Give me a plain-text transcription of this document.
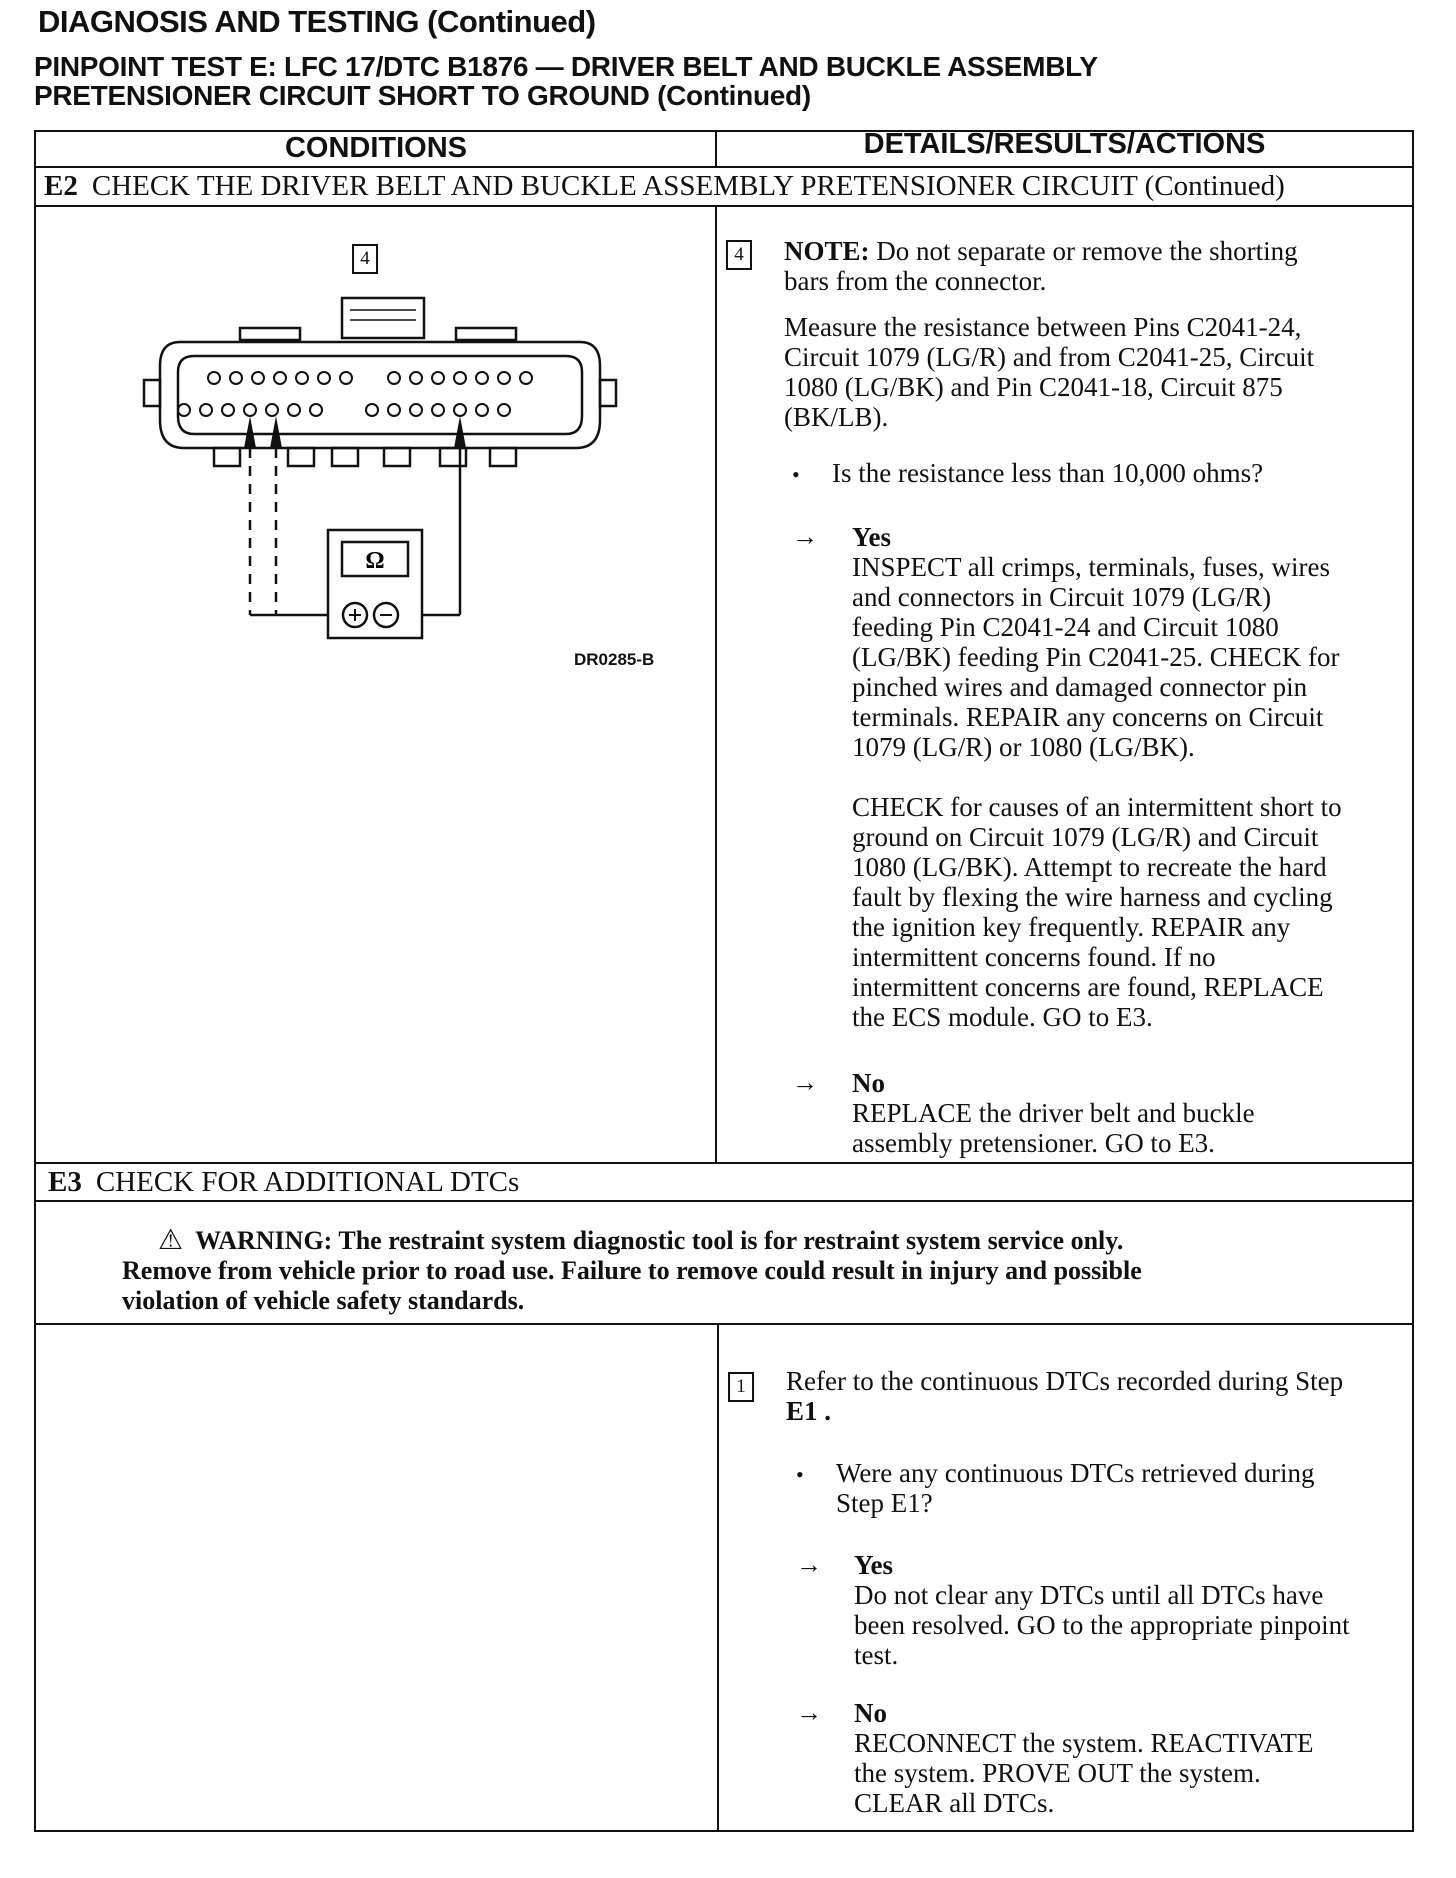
DIAGNOSIS AND TESTING (Continued)
PINPOINT TEST E: LFC 17/DTC B1876 — DRIVER BELT AND BUCKLE ASSEMBLY
PRETENSIONER CIRCUIT SHORT TO GROUND (Continued)
CONDITIONS	DETAILS/RESULTS/ACTIONS
E2 CHECK THE DRIVER BELT AND BUCKLE ASSEMBLY PRETENSIONER CIRCUIT (Continued)
4
Ω
DR0285-B
4	NOTE: Do not separate or remove the shorting
bars from the connector.
Measure the resistance between Pins C2041-24,
Circuit 1079 (LG/R) and from C2041-25, Circuit
1080 (LG/BK) and Pin C2041-18, Circuit 875
(BK/LB).
• Is the resistance less than 10,000 ohms?
→ Yes
INSPECT all crimps, terminals, fuses, wires
and connectors in Circuit 1079 (LG/R)
feeding Pin C2041-24 and Circuit 1080
(LG/BK) feeding Pin C2041-25. CHECK for
pinched wires and damaged connector pin
terminals. REPAIR any concerns on Circuit
1079 (LG/R) or 1080 (LG/BK).
CHECK for causes of an intermittent short to
ground on Circuit 1079 (LG/R) and Circuit
1080 (LG/BK). Attempt to recreate the hard
fault by flexing the wire harness and cycling
the ignition key frequently. REPAIR any
intermittent concerns found. If no
intermittent concerns are found, REPLACE
the ECS module. GO to E3.
→ No
REPLACE the driver belt and buckle
assembly pretensioner. GO to E3.
E3 CHECK FOR ADDITIONAL DTCs
⚠ WARNING: The restraint system diagnostic tool is for restraint system service only.
Remove from vehicle prior to road use. Failure to remove could result in injury and possible
violation of vehicle safety standards.
1	Refer to the continuous DTCs recorded during Step
E1 .
• Were any continuous DTCs retrieved during
Step E1?
→ Yes
Do not clear any DTCs until all DTCs have
been resolved. GO to the appropriate pinpoint
test.
→ No
RECONNECT the system. REACTIVATE
the system. PROVE OUT the system.
CLEAR all DTCs.
